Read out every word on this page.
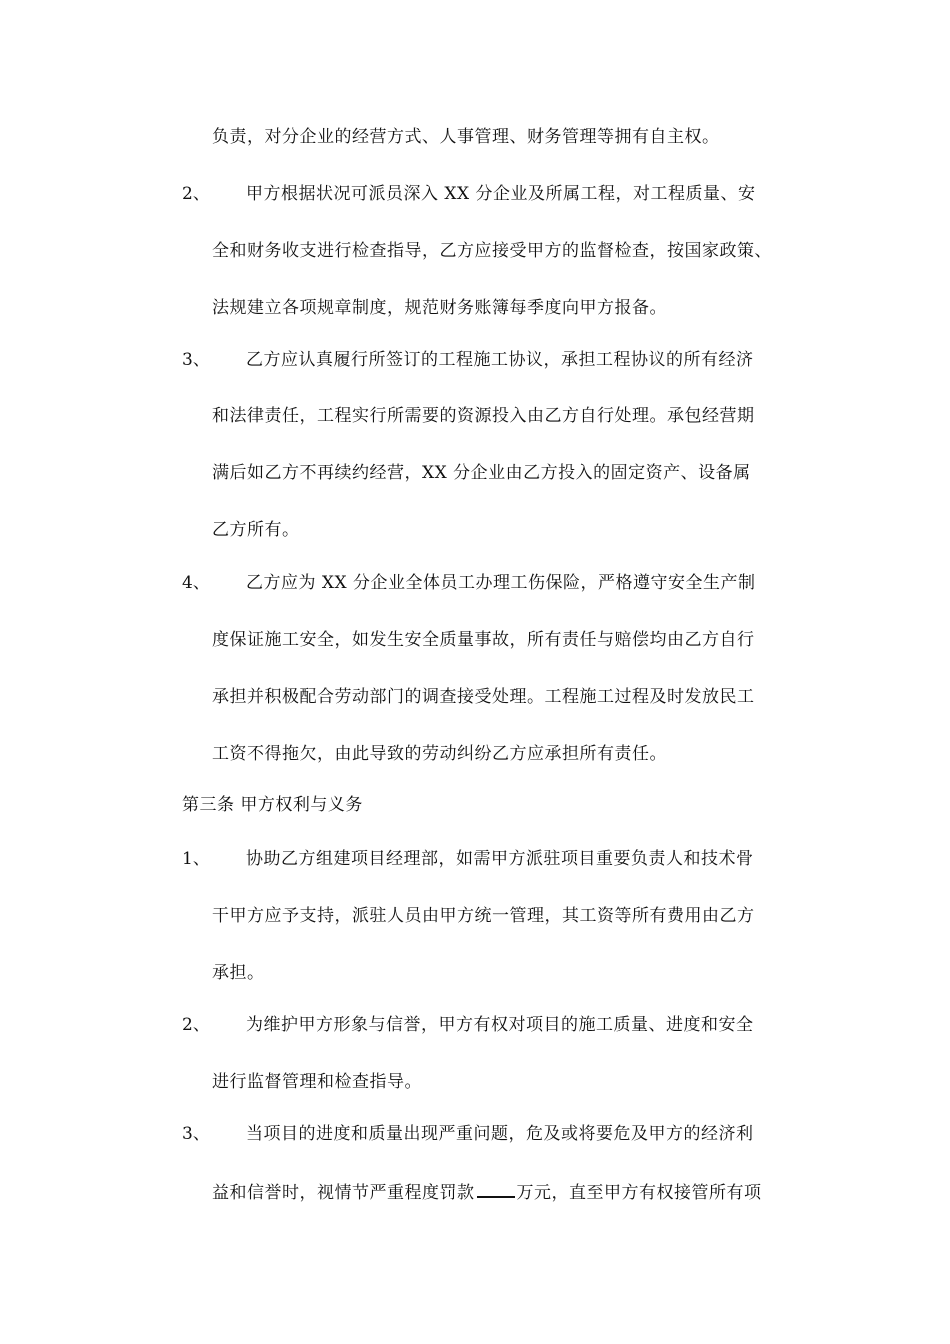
负责，对分企业的经营方式、人事管理、财务管理等拥有自主权。
2、 甲方根据状况可派员深入 XX 分企业及所属工程，对工程质量、安
全和财务收支进行检查指导，乙方应接受甲方的监督检查，按国家政策、
法规建立各项规章制度，规范财务账簿每季度向甲方报备。
3、 乙方应认真履行所签订的工程施工协议，承担工程协议的所有经济
和法律责任，工程实行所需要的资源投入由乙方自行处理。承包经营期
满后如乙方不再续约经营，XX 分企业由乙方投入的固定资产、设备属
乙方所有。
4、 乙方应为 XX 分企业全体员工办理工伤保险，严格遵守安全生产制
度保证施工安全，如发生安全质量事故，所有责任与赔偿均由乙方自行
承担并积极配合劳动部门的调查接受处理。工程施工过程及时发放民工
工资不得拖欠，由此导致的劳动纠纷乙方应承担所有责任。
第三条 甲方权利与义务
1、 协助乙方组建项目经理部，如需甲方派驻项目重要负责人和技术骨
干甲方应予支持，派驻人员由甲方统一管理，其工资等所有费用由乙方
承担。
2、 为维护甲方形象与信誉，甲方有权对项目的施工质量、进度和安全
进行监督管理和检查指导。
3、 当项目的进度和质量出现严重问题，危及或将要危及甲方的经济利
益和信誉时，视情节严重程度罚款 万元，直至甲方有权接管所有项
